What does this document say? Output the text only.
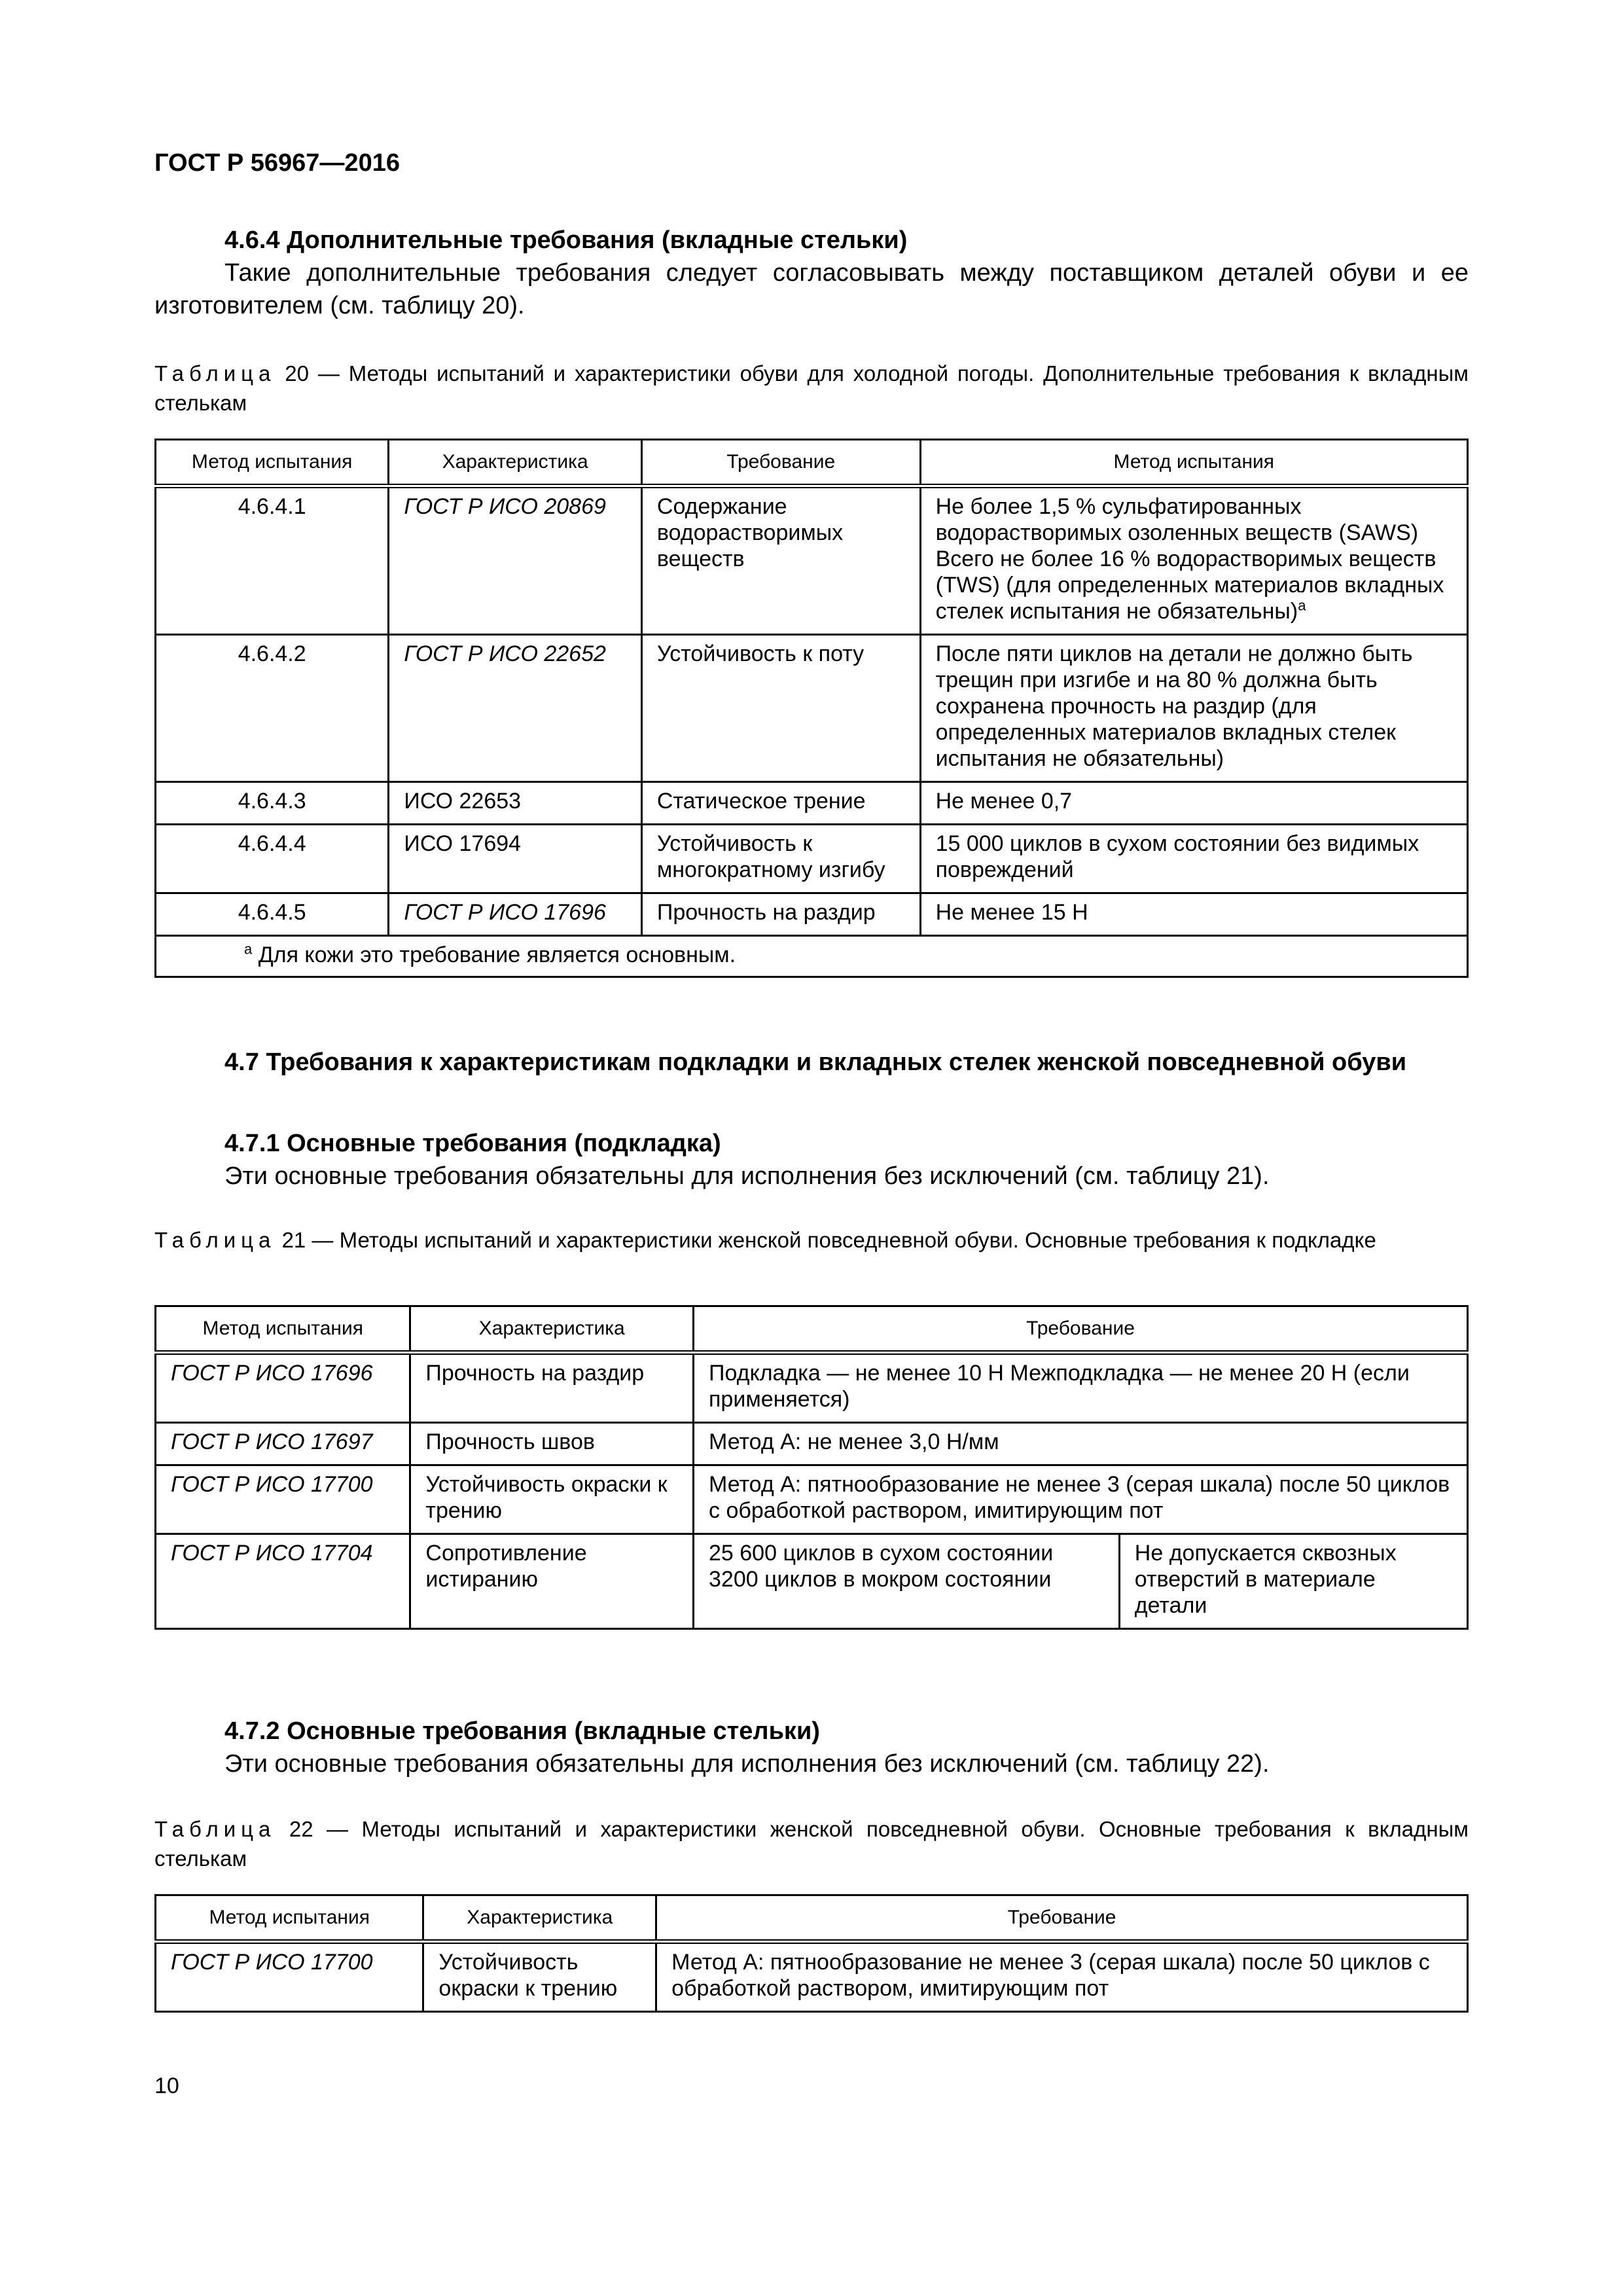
ГОСТ Р 56967—2016
4.6.4 Дополнительные требования (вкладные стельки)
Такие дополнительные требования следует согласовывать между поставщиком деталей обуви и ее изготовителем (см. таблицу 20).
Таблица 20 — Методы испытаний и характеристики обуви для холодной погоды. Дополнительные требования к вкладным стелькам
Метод испытания	Характеристика	Требование	Метод испытания
4.6.4.1	ГОСТ Р ИСО 20869	Содержание водорастворимых веществ	Не более 1,5 % сульфатированных водорастворимых озоленных веществ (SAWS) Всего не более 16 % водорастворимых веществ (TWS) (для определенных материалов вкладных стелек испытания не обязательны)$^а$
4.6.4.2	ГОСТ Р ИСО 22652	Устойчивость к поту	После пяти циклов на детали не должно быть трещин при изгибе и на 80 % должна быть сохранена прочность на раздир (для определенных материалов вкладных стелек испытания не обязательны)
4.6.4.3	ИСО 22653	Статическое трение	Не менее 0,7
4.6.4.4	ИСО 17694	Устойчивость к многократному изгибу	15 000 циклов в сухом состоянии без видимых повреждений
4.6.4.5	ГОСТ Р ИСО 17696	Прочность на раздир	Не менее 15 Н
$^а$ Для кожи это требование является основным.			
4.7 Требования к характеристикам подкладки и вкладных стелек женской повседневной обуви
4.7.1 Основные требования (подкладка)
Эти основные требования обязательны для исполнения без исключений (см. таблицу 21).
Таблица 21 — Методы испытаний и характеристики женской повседневной обуви. Основные требования к подкладке
Метод испытания	Характеристика	Требование	
ГОСТ Р ИСО 17696	Прочность на раздир	Подкладка — не менее 10 Н Межподкладка — не менее 20 Н (если применяется)	
ГОСТ Р ИСО 17697	Прочность швов	Метод А: не менее 3,0 Н/мм	
ГОСТ Р ИСО 17700	Устойчивость окраски к трению	Метод А: пятнообразование не менее 3 (серая шкала) после 50 циклов с обработкой раствором, имитирующим пот	
ГОСТ Р ИСО 17704	Сопротивление истиранию	25 600 циклов в сухом состоянии 3200 циклов в мокром состоянии	Не допускается сквозных отверстий в материале детали
4.7.2 Основные требования (вкладные стельки)
Эти основные требования обязательны для исполнения без исключений (см. таблицу 22).
Таблица 22 — Методы испытаний и характеристики женской повседневной обуви. Основные требования к вкладным стелькам
Метод испытания	Характеристика	Требование
ГОСТ Р ИСО 17700	Устойчивость окраски к трению	Метод А: пятнообразование не менее 3 (серая шкала) после 50 циклов с обработкой раствором, имитирующим пот
10
